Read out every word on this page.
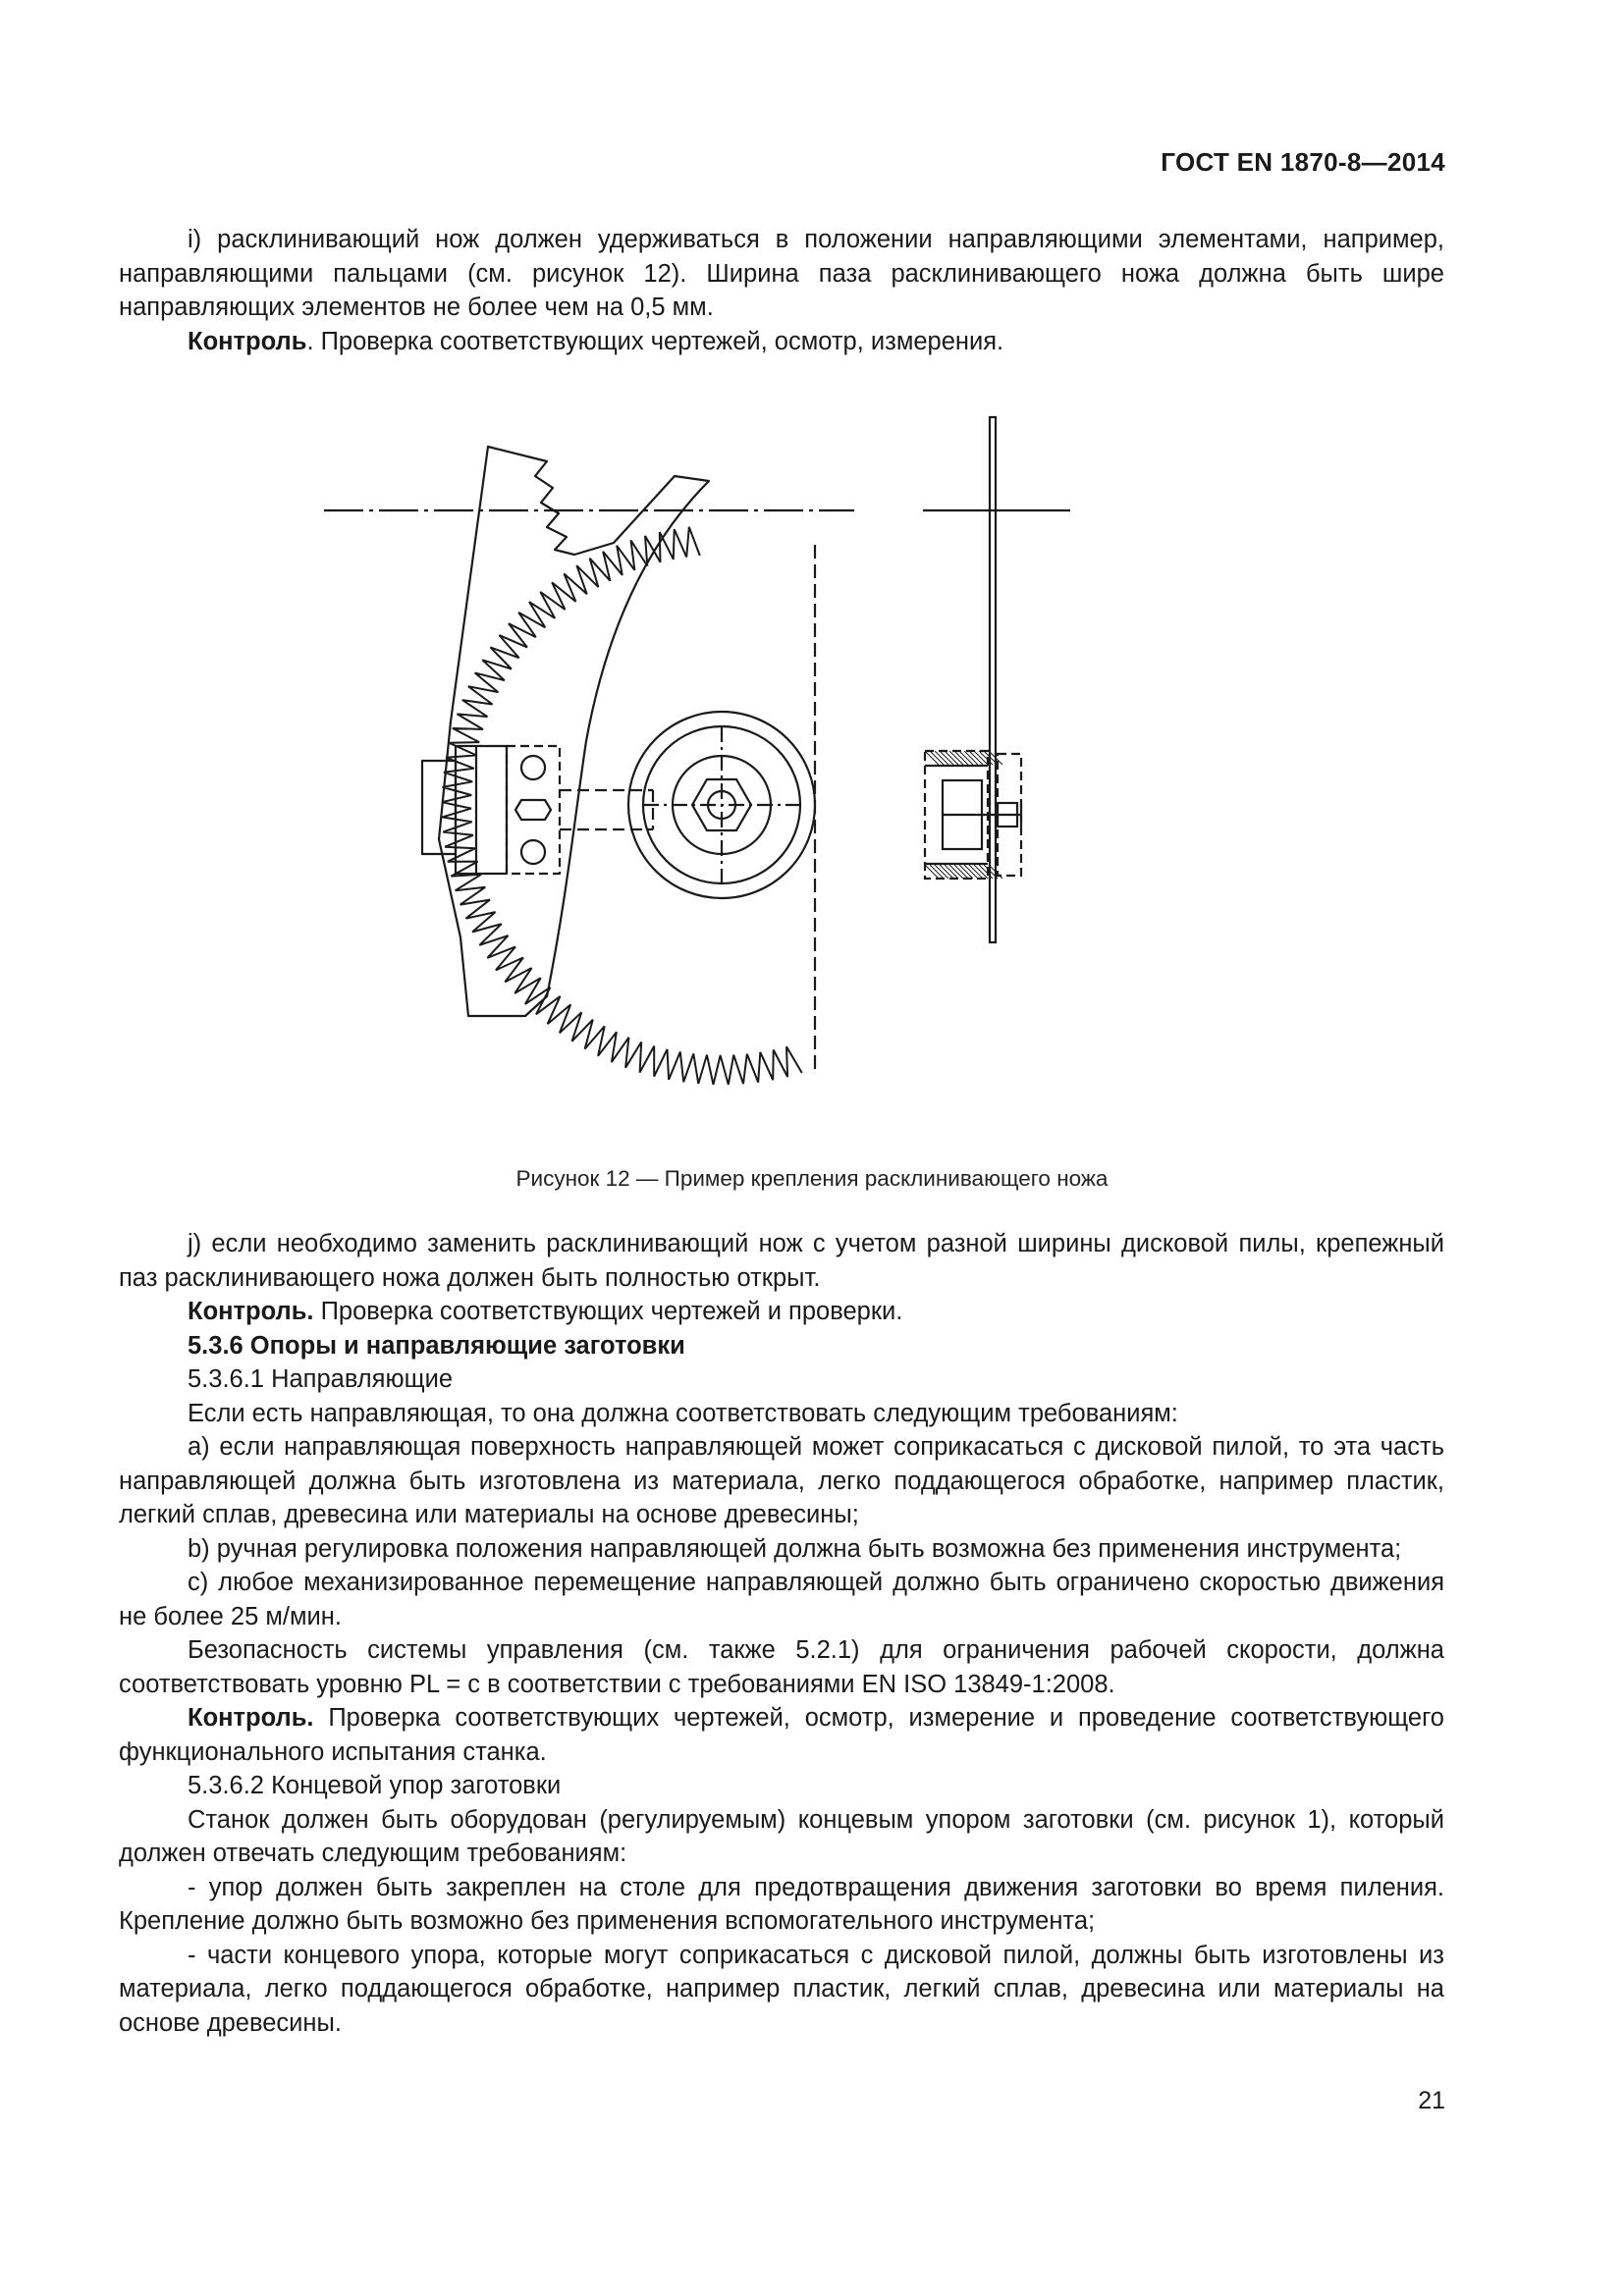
ГОСТ EN 1870-8—2014

i) расклинивающий нож должен удерживаться в положении направляющими элементами, например, направляющими пальцами (см. рисунок 12). Ширина паза расклинивающего ножа должна быть шире направляющих элементов не более чем на 0,5 мм.

Контроль. Проверка соответствующих чертежей, осмотр, измерения.

Рисунок 12 — Пример крепления расклинивающего ножа

j) если необходимо заменить расклинивающий нож с учетом разной ширины дисковой пилы, крепежный паз расклинивающего ножа должен быть полностью открыт.

Контроль. Проверка соответствующих чертежей и проверки.

5.3.6 Опоры и направляющие заготовки

5.3.6.1 Направляющие

Если есть направляющая, то она должна соответствовать следующим требованиям:

a) если направляющая поверхность направляющей может соприкасаться с дисковой пилой, то эта часть направляющей должна быть изготовлена из материала, легко поддающегося обработке, например пластик, легкий сплав, древесина или материалы на основе древесины;

b) ручная регулировка положения направляющей должна быть возможна без применения инструмента;

c) любое механизированное перемещение направляющей должно быть ограничено скоростью движения не более 25 м/мин.

Безопасность системы управления (см. также 5.2.1) для ограничения рабочей скорости, должна соответствовать уровню PL = c в соответствии с требованиями EN ISO 13849-1:2008.

Контроль. Проверка соответствующих чертежей, осмотр, измерение и проведение соответствующего функционального испытания станка.

5.3.6.2 Концевой упор заготовки

Станок должен быть оборудован (регулируемым) концевым упором заготовки (см. рисунок 1), который должен отвечать следующим требованиям:

- упор должен быть закреплен на столе для предотвращения движения заготовки во время пиления. Крепление должно быть возможно без применения вспомогательного инструмента;

- части концевого упора, которые могут соприкасаться с дисковой пилой, должны быть изготовлены из материала, легко поддающегося обработке, например пластик, легкий сплав, древесина или материалы на основе древесины.

21
